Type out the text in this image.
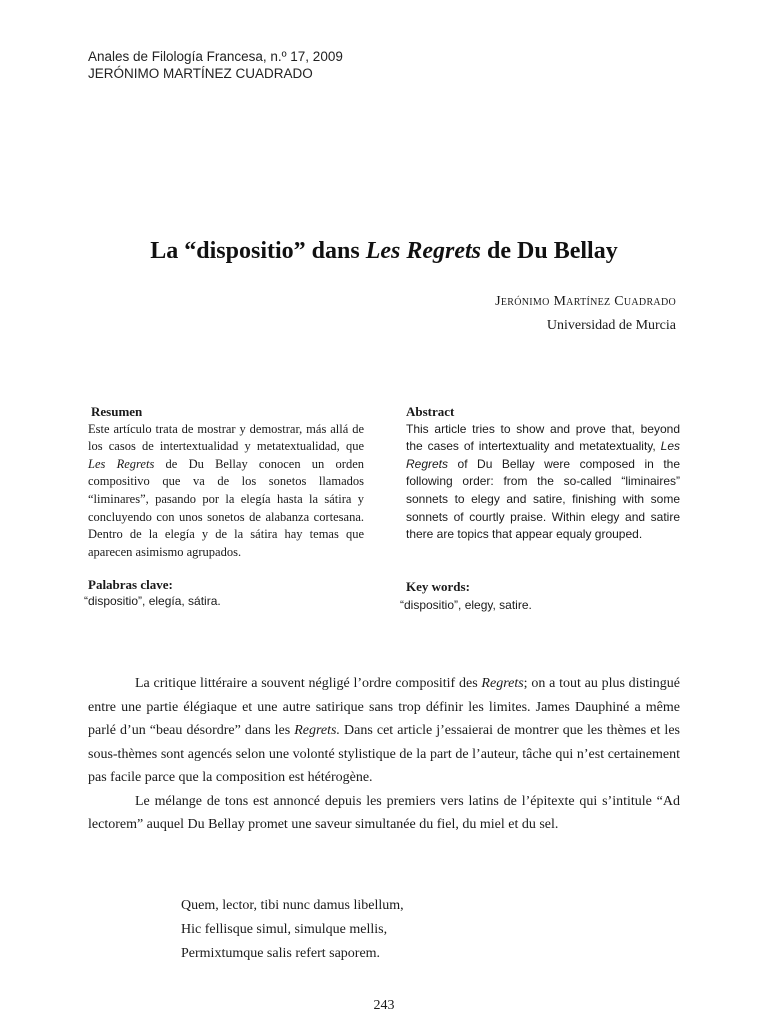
Anales de Filología Francesa, n.º 17, 2009
JERÓNIMO MARTÍNEZ CUADRADO
La “dispositio” dans Les Regrets de Du Bellay
Jerónimo Martínez Cuadrado
Universidad de Murcia
Resumen
Este artículo trata de mostrar y demostrar, más allá de los casos de intertextualidad y metatextualidad, que Les Regrets de Du Bellay conocen un orden compositivo que va de los sonetos llamados “liminares”, pasando por la elegía hasta la sátira y concluyendo con unos sonetos de alabanza cortesana. Dentro de la elegía y de la sátira hay temas que aparecen asimismo agrupados.
Abstract
This article tries to show and prove that, beyond the cases of intertextuality and metatextuality, Les Regrets of Du Bellay were composed in the following order: from the so-called “liminaires” sonnets to elegy and satire, finishing with some sonnets of courtly praise. Within elegy and satire there are topics that appear equaly grouped.
Palabras clave:
“dispositio”, elegía, sátira.
Key words:
“dispositio”, elegy, satire.

La critique littéraire a souvent négligé l’ordre compositif des Regrets; on a tout au plus distingué entre une partie élégiaque et une autre satirique sans trop définir les limites. James Dauphiné a même parlé d’un “beau désordre” dans les Regrets. Dans cet article j’essaierai de montrer que les thèmes et les sous-thèmes sont agencés selon une volonté stylistique de la part de l’auteur, tâche qui n’est certainement pas facile parce que la composition est hétérogène.

Le mélange de tons est annoncé depuis les premiers vers latins de l’épitexte qui s’intitule “Ad lectorem” auquel Du Bellay promet une saveur simultanée du fiel, du miel et du sel.

Quem, lector, tibi nunc damus libellum,
Hic fellisque simul, simulque mellis,
Permixtumque salis refert saporem.
243
